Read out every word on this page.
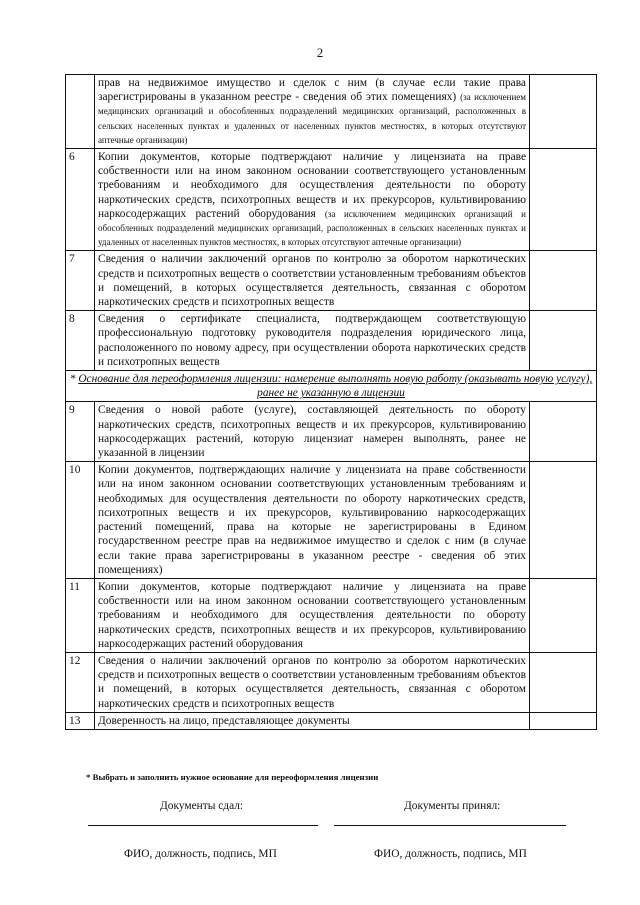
2
	прав на недвижимое имущество и сделок с ним (в случае если такие права зарегистрированы в указанном реестре - сведения об этих помещениях) (за исключением медицинских организаций и обособленных подразделений медицинских организаций, расположенных в сельских населенных пунктах и удаленных от населенных пунктов местностях, в которых отсутствуют аптечные организации)	
6	Копии документов, которые подтверждают наличие у лицензиата на праве собственности или на ином законном основании соответствующего установленным требованиям и необходимого для осуществления деятельности по обороту наркотических средств, психотропных веществ и их прекурсоров, культивированию наркосодержащих растений оборудования (за исключением медицинских организаций и обособленных подразделений медицинских организаций, расположенных в сельских населенных пунктах и удаленных от населенных пунктов местностях, в которых отсутствуют аптечные организации)	
7	Сведения о наличии заключений органов по контролю за оборотом наркотических средств и психотропных веществ о соответствии установленным требованиям объектов и помещений, в которых осуществляется деятельность, связанная с оборотом наркотических средств и психотропных веществ	
8	Сведения о сертификате специалиста, подтверждающем соответствующую профессиональную подготовку руководителя подразделения юридического лица, расположенного по новому адресу, при осуществлении оборота наркотических средств и психотропных веществ	
* Основание для переоформления лицензии: намерение выполнять новую работу (оказывать новую услугу), ранее не указанную в лицензии		
9	Сведения о новой работе (услуге), составляющей деятельность по обороту наркотических средств, психотропных веществ и их прекурсоров, культивированию наркосодержащих растений, которую лицензиат намерен выполнять, ранее не указанной в лицензии	
10	Копии документов, подтверждающих наличие у лицензиата на праве собственности или на ином законном основании соответствующих установленным требованиям и необходимых для осуществления деятельности по обороту наркотических средств, психотропных веществ и их прекурсоров, культивированию наркосодержащих растений помещений, права на которые не зарегистрированы в Едином государственном реестре прав на недвижимое имущество и сделок с ним (в случае если такие права зарегистрированы в указанном реестре - сведения об этих помещениях)	
11	Копии документов, которые подтверждают наличие у лицензиата на праве собственности или на ином законном основании соответствующего установленным требованиям и необходимого для осуществления деятельности по обороту наркотических средств, психотропных веществ и их прекурсоров, культивированию наркосодержащих растений оборудования	
12	Сведения о наличии заключений органов по контролю за оборотом наркотических средств и психотропных веществ о соответствии установленным требованиям объектов и помещений, в которых осуществляется деятельность, связанная с оборотом наркотических средств и психотропных веществ	
13	Доверенность на лицо, представляющее документы	
* Выбрать и заполнить нужное основание для переоформления лицензии
Документы сдал:	Документы принял:
ФИО, должность, подпись, МП	ФИО, должность, подпись, МП
